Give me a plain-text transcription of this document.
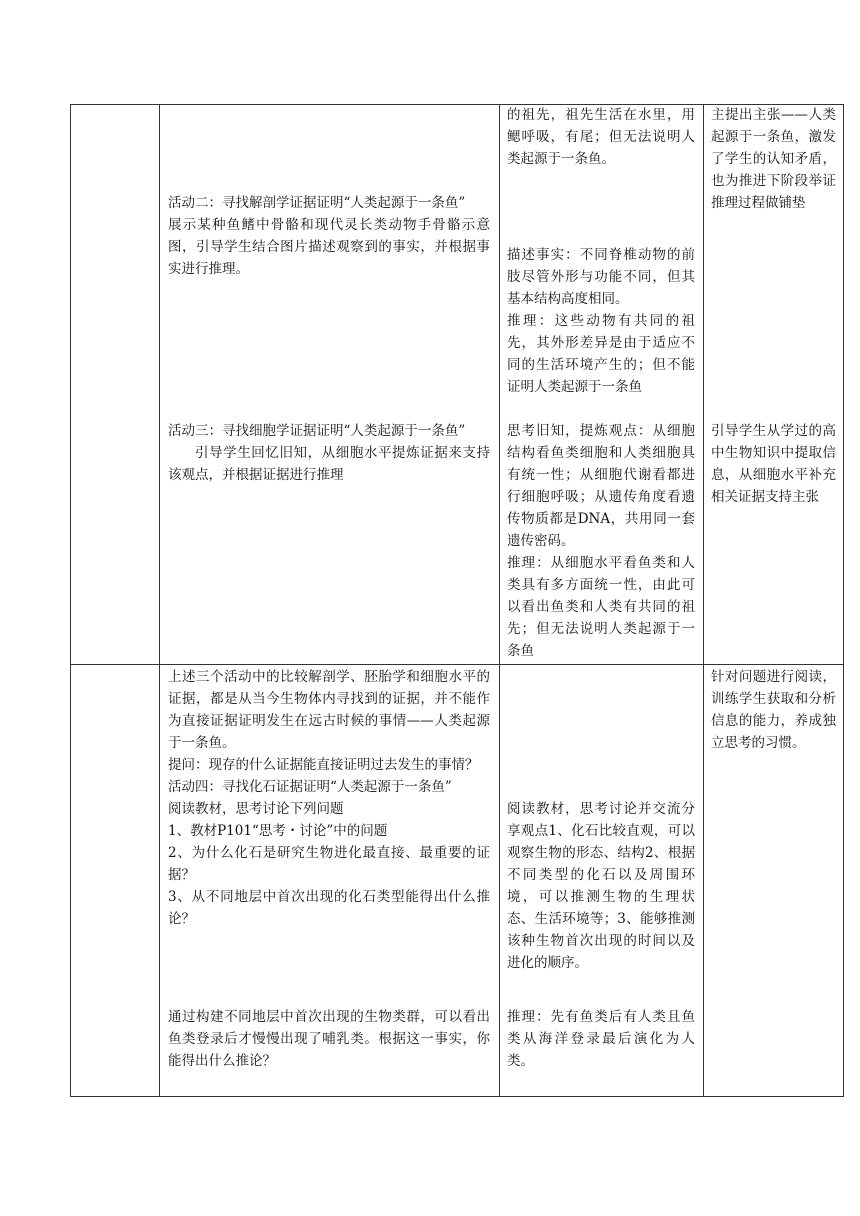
活动二：寻找解剖学证据证明“人类起源于一条鱼”

展示某种鱼鳍中骨骼和现代灵长类动物手骨骼示意图，引导学生结合图片描述观察到的事实，并根据事实进行推理。

活动三：寻找细胞学证据证明“人类起源于一条鱼”

引导学生回忆旧知，从细胞水平提炼证据来支持该观点，并根据证据进行推理

的祖先，祖先生活在水里，用鳃呼吸，有尾；但无法说明人类起源于一条鱼。

描述事实：不同脊椎动物的前肢尽管外形与功能不同，但其基本结构高度相同。

推理：这些动物有共同的祖先，其外形差异是由于适应不同的生活环境产生的；但不能证明人类起源于一条鱼

思考旧知，提炼观点：从细胞结构看鱼类细胞和人类细胞具有统一性；从细胞代谢看都进行细胞呼吸；从遗传角度看遗传物质都是DNA，共用同一套遗传密码。

推理：从细胞水平看鱼类和人类具有多方面统一性，由此可以看出鱼类和人类有共同的祖先；但无法说明人类起源于一条鱼

主提出主张——人类起源于一条鱼，激发了学生的认知矛盾，也为推进下阶段举证推理过程做铺垫

引导学生从学过的高中生物知识中提取信息，从细胞水平补充相关证据支持主张

上述三个活动中的比较解剖学、胚胎学和细胞水平的证据，都是从当今生物体内寻找到的证据，并不能作为直接证据证明发生在远古时候的事情——人类起源于一条鱼。

提问：现存的什么证据能直接证明过去发生的事情？

活动四：寻找化石证据证明“人类起源于一条鱼”

阅读教材，思考讨论下列问题

1、教材P101“思考・讨论”中的问题

2、为什么化石是研究生物进化最直接、最重要的证据？

3、从不同地层中首次出现的化石类型能得出什么推论？

通过构建不同地层中首次出现的生物类群，可以看出鱼类登录后才慢慢出现了哺乳类。根据这一事实，你能得出什么推论？

阅读教材，思考讨论并交流分享观点1、化石比较直观，可以观察生物的形态、结构2、根据不同类型的化石以及周围环境，可以推测生物的生理状态、生活环境等；3、能够推测该种生物首次出现的时间以及进化的顺序。

推理：先有鱼类后有人类且鱼类从海洋登录最后演化为人类。

针对问题进行阅读，训练学生获取和分析信息的能力，养成独立思考的习惯。
